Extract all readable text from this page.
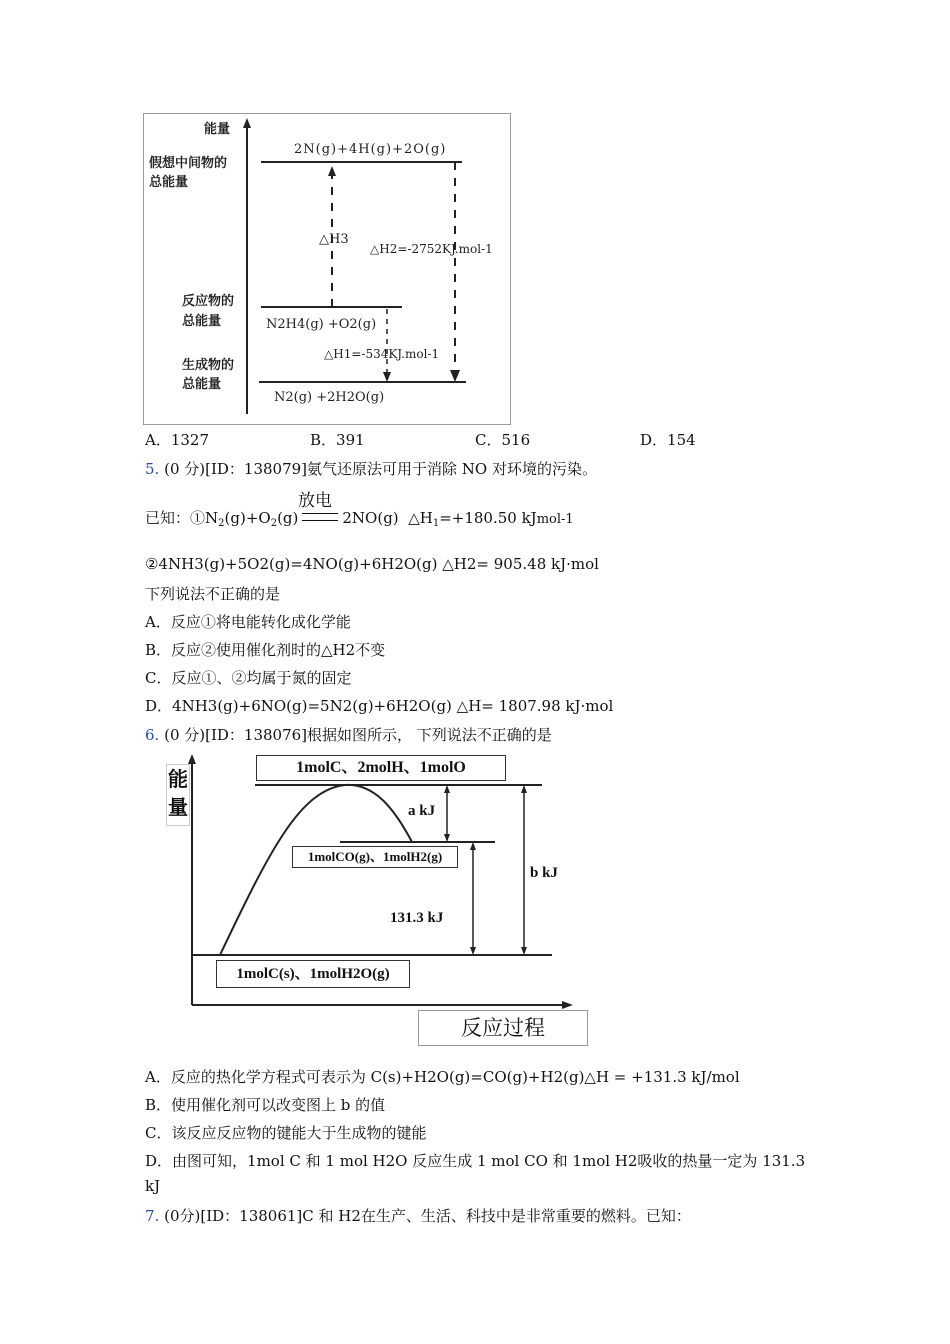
能量
假想中间物的
总能量
2N(g)+4H(g)+2O(g)
△H3
△H2=-2752KJ.mol-1
反应物的
总能量	N2H4(g) +O2(g)
生成物的
总能量
△H1=-534KJ.mol-1
N2(g) +2H2O(g)
A．1327	B．391	C．516	D．154
5. (0 分)[ID：138079]氨气还原法可用于消除 NO 对环境的污染。
放电
已知：$①N_2(g)+O_2(g)$	2NO(g) $\triangle H_1=+180.50$ kJmol-1
②4NH3(g)+5O2(g)=4NO(g)+6H2O(g) △H2= 905.48 kJ·mol
下列说法不正确的是
A．反应①将电能转化成化学能
B．反应②使用催化剂时的△H2不变
C．反应①、②均属于氮的固定
D．4NH3(g)+6NO(g)=5N2(g)+6H2O(g) △H= 1807.98 kJ·mol
6. (0 分)[ID：138076]根据如图所示， 下列说法不正确的是
能量
1molC、2molH、1molO
1molCO(g)、1molH2(g)
1molC(s)、1molH2O(g)
反应过程
a kJ
b kJ
131.3 kJ
A．反应的热化学方程式可表示为 C(s)+H2O(g)=CO(g)+H2(g)△H = +131.3 kJ/mol
B．使用催化剂可以改变图上 b 的值
C．该反应反应物的键能大于生成物的键能
D．由图可知，1mol C 和 1 mol H2O 反应生成 1 mol CO 和 1mol H2吸收的热量一定为 131.3
kJ
7. (0分)[ID：138061]C 和 H2在生产、生活、科技中是非常重要的燃料。已知：
